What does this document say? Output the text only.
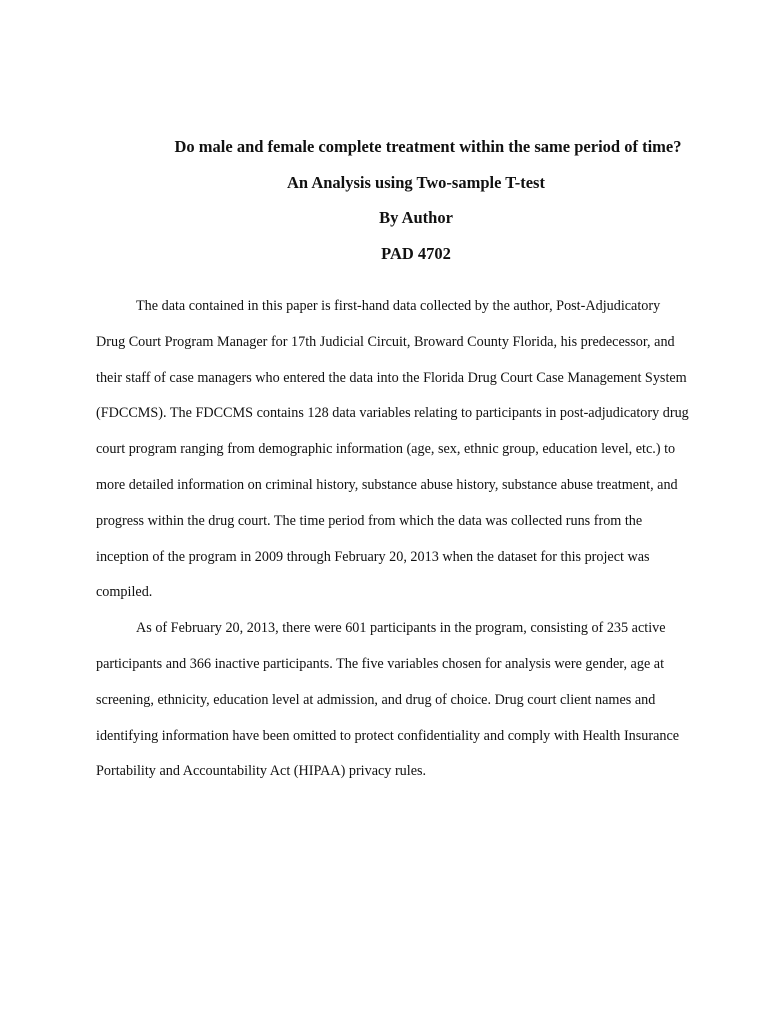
Do male and female complete treatment within the same period of time?
An Analysis using Two-sample T-test
By Author
PAD 4702

The data contained in this paper is first-hand data collected by the author, Post-Adjudicatory Drug Court Program Manager for 17th Judicial Circuit, Broward County Florida, his predecessor, and their staff of case managers who entered the data into the Florida Drug Court Case Management System (FDCCMS). The FDCCMS contains 128 data variables relating to participants in post-adjudicatory drug court program ranging from demographic information (age, sex, ethnic group, education level, etc.) to more detailed information on criminal history, substance abuse history, substance abuse treatment, and progress within the drug court. The time period from which the data was collected runs from the inception of the program in 2009 through February 20, 2013 when the dataset for this project was compiled.

As of February 20, 2013, there were 601 participants in the program, consisting of 235 active participants and 366 inactive participants. The five variables chosen for analysis were gender, age at screening, ethnicity, education level at admission, and drug of choice. Drug court client names and identifying information have been omitted to protect confidentiality and comply with Health Insurance Portability and Accountability Act (HIPAA) privacy rules.
